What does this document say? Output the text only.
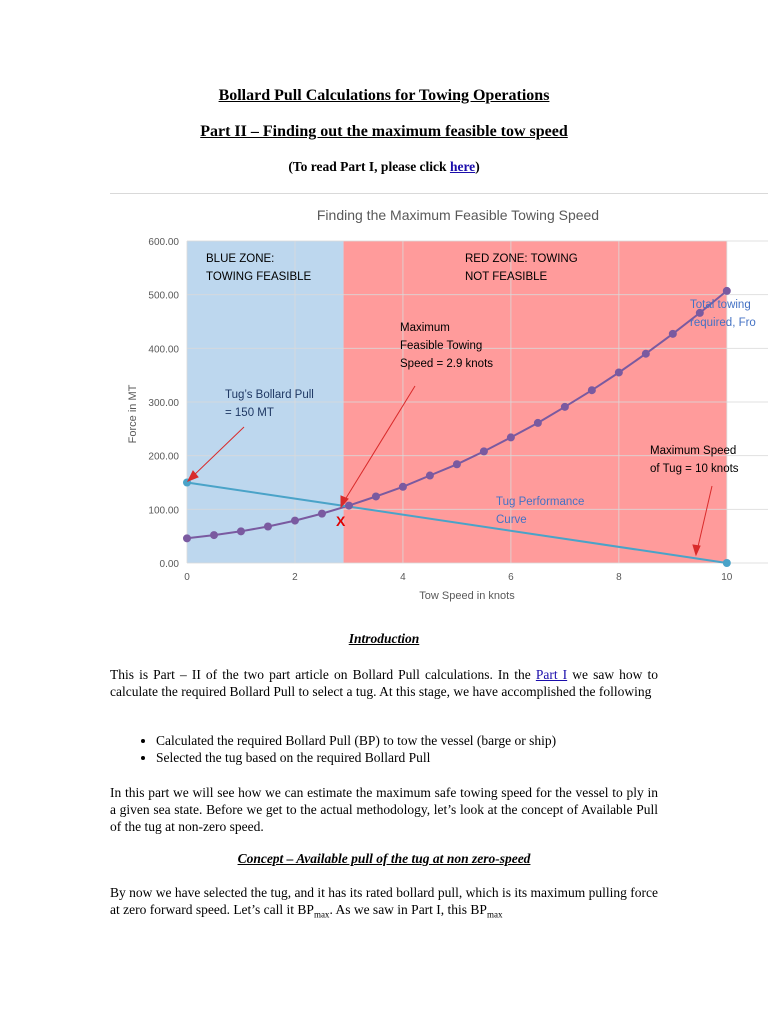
Bollard Pull Calculations for Towing Operations
Part II – Finding out the maximum feasible tow speed
(To read Part I, please click here)
0.00
100.00
200.00
300.00
400.00
500.00
600.00
0	2	4	6	8	10
Finding the Maximum Feasible Towing Speed
Tow Speed in knots
Force in MT
BLUE ZONE:
TOWING FEASIBLE
RED ZONE: TOWING
NOT FEASIBLE
Tug’s Bollard Pull
= 150 MT
Maximum
Feasible Towing
Speed = 2.9 knots
Maximum Speed
of Tug = 10 knots
Tug Performance
Curve
Total towing
required, Fro
X
Introduction
This is Part – II of the two part article on Bollard Pull calculations. In the Part I we saw how to calculate the required Bollard Pull to select a tug. At this stage, we have accomplished the following
• Calculated the required Bollard Pull (BP) to tow the vessel (barge or ship)
• Selected the tug based on the required Bollard Pull
In this part we will see how we can estimate the maximum safe towing speed for the vessel to ply in a given sea state. Before we get to the actual methodology, let’s look at the concept of Available Pull of the tug at non-zero speed.
Concept – Available pull of the tug at non zero-speed
By now we have selected the tug, and it has its rated bollard pull, which is its maximum pulling force at zero forward speed. Let’s call it $BP_{max}$. As we saw in Part I, this $BP_{max}$
